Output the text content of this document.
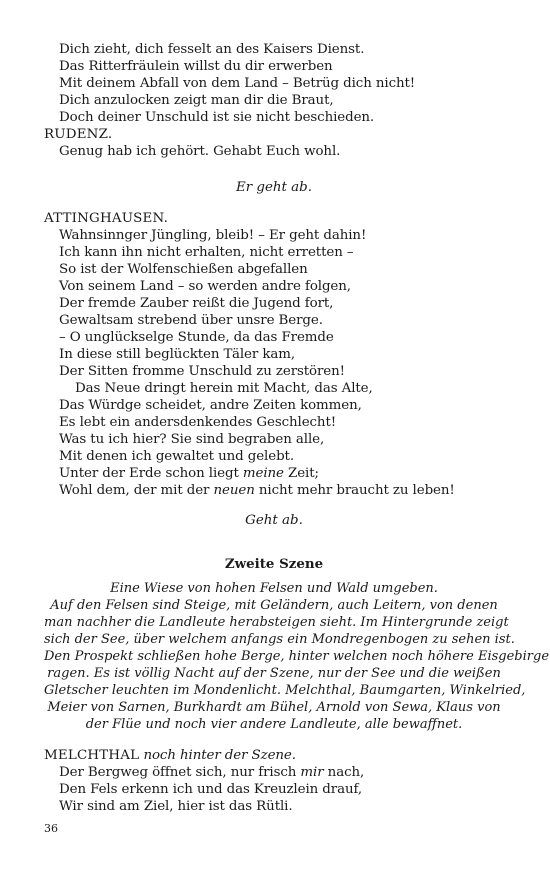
Dich zieht, dich fesselt an des Kaisers Dienst.
Das Ritterfräulein willst du dir erwerben
Mit deinem Abfall von dem Land – Betrüg dich nicht!
Dich anzulocken zeigt man dir die Braut,
Doch deiner Unschuld ist sie nicht beschieden.
RUDENZ.
Genug hab ich gehört. Gehabt Euch wohl.
Er geht ab.
ATTINGHAUSEN.
Wahnsinnger Jüngling, bleib! – Er geht dahin!
Ich kann ihn nicht erhalten, nicht erretten –
So ist der Wolfenschießen abgefallen
Von seinem Land – so werden andre folgen,
Der fremde Zauber reißt die Jugend fort,
Gewaltsam strebend über unsre Berge.
– O unglückselge Stunde, da das Fremde
In diese still beglückten Täler kam,
Der Sitten fromme Unschuld zu zerstören!
Das Neue dringt herein mit Macht, das Alte,
Das Würdge scheidet, andre Zeiten kommen,
Es lebt ein andersdenkendes Geschlecht!
Was tu ich hier? Sie sind begraben alle,
Mit denen ich gewaltet und gelebt.
Unter der Erde schon liegt meine Zeit;
Wohl dem, der mit der neuen nicht mehr braucht zu leben!
Geht ab.
Zweite Szene
Eine Wiese von hohen Felsen und Wald umgeben.
Auf den Felsen sind Steige, mit Geländern, auch Leitern, von denen
man nachher die Landleute herabsteigen sieht. Im Hintergrunde zeigt
sich der See, über welchem anfangs ein Mondregenbogen zu sehen ist.
Den Prospekt schließen hohe Berge, hinter welchen noch höhere Eisgebirge
ragen. Es ist völlig Nacht auf der Szene, nur der See und die weißen
Gletscher leuchten im Mondenlicht. Melchthal, Baumgarten, Winkelried,
Meier von Sarnen, Burkhardt am Bühel, Arnold von Sewa, Klaus von
der Flüe und noch vier andere Landleute, alle bewaffnet.
MELCHTHAL noch hinter der Szene.
Der Bergweg öffnet sich, nur frisch mir nach,
Den Fels erkenn ich und das Kreuzlein drauf,
Wir sind am Ziel, hier ist das Rütli.
36
